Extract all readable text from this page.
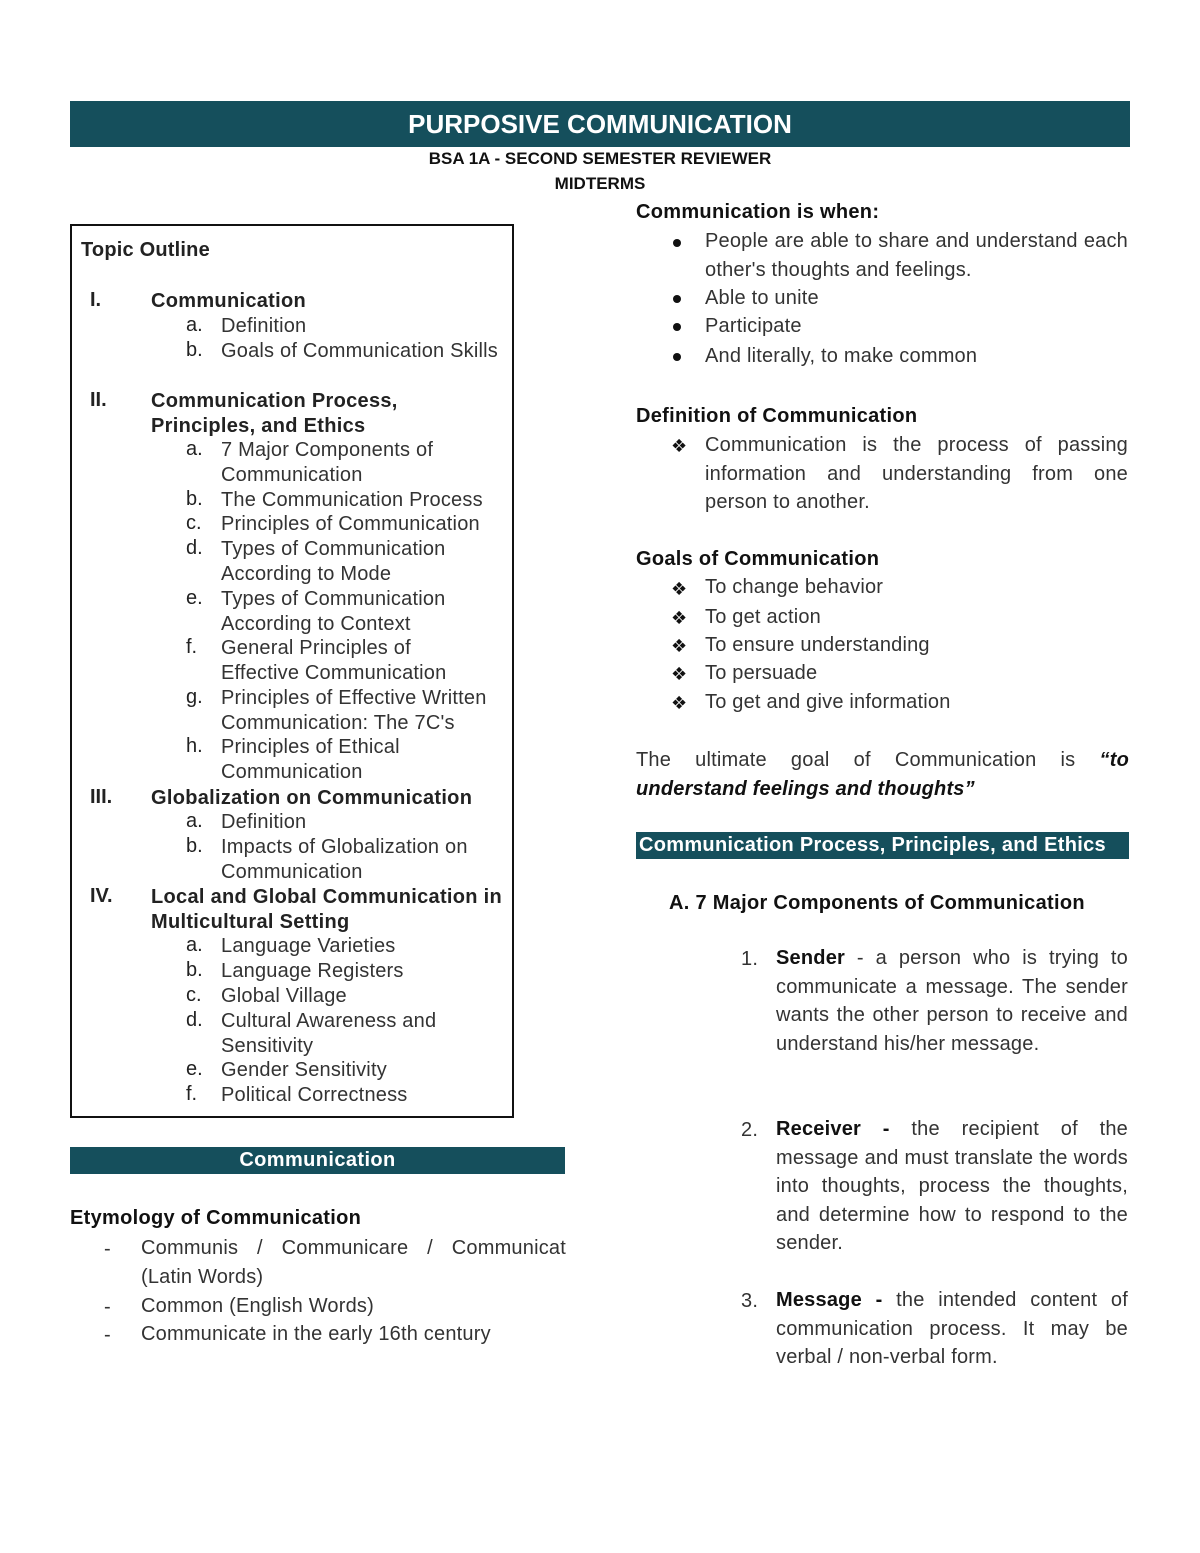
PURPOSIVE COMMUNICATION
BSA 1A - SECOND SEMESTER REVIEWER
MIDTERMS
Topic Outline
I.	Communication
a. Definition
b. Goals of Communication Skills
II.	Communication Process, Principles, and Ethics
a. 7 Major Components of Communication
b. The Communication Process
c. Principles of Communication
d. Types of Communication According to Mode
e. Types of Communication According to Context
f.	General Principles of Effective Communication
g. Principles of Effective Written Communication: The 7C's
h. Principles of Ethical Communication
III.	Globalization on Communication
a. Definition
b. Impacts of Globalization on Communication
IV.	Local and Global Communication in Multicultural Setting
a. Language Varieties
b. Language Registers
c. Global Village
d. Cultural Awareness and Sensitivity
e. Gender Sensitivity
f.	Political Correctness
Communication
Etymology of Communication
- Communis / Communicare / Communicat (Latin Words)
- Common (English Words)
- Communicate in the early 16th century
Communication is when:
People are able to share and understand each other's thoughts and feelings.
Able to unite
Participate
And literally, to make common
Definition of Communication
❖ Communication is the process of passing information and understanding from one person to another.
Goals of Communication
❖ To change behavior
❖ To get action
❖ To ensure understanding
❖ To persuade
❖ To get and give information
The ultimate goal of Communication is “to understand feelings and thoughts”
Communication Process, Principles, and Ethics
A. 7 Major Components of Communication
1. Sender - a person who is trying to communicate a message. The sender wants the other person to receive and understand his/her message.
2. Receiver - the recipient of the message and must translate the words into thoughts, process the thoughts, and determine how to respond to the sender.
3. Message - the intended content of communication process. It may be verbal / non-verbal form.
